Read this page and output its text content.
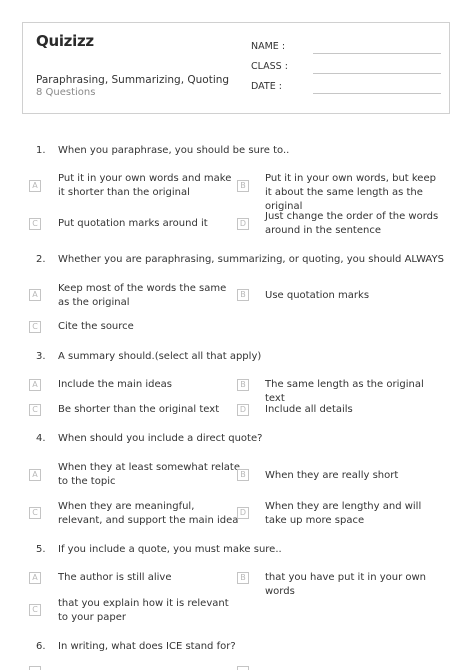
Quizizz
Paraphrasing, Summarizing, Quoting
8 Questions
NAME :
CLASS :
DATE :
1. When you paraphrase, you should be sure to..
A
Put it in your own words and make it shorter than the original
B
Put it in your own words, but keep it about the same length as the original
C	Put quotation marks around it	D
Just change the order of the words around in the sentence
2. Whether you are paraphrasing, summarizing, or quoting, you should ALWAYS
A
Keep most of the words the same as the original
B	Use quotation marks
C	Cite the source
3. A summary should.(select all that apply)
A	Include the main ideas	B	The same length as the original text
C	Be shorter than the original text	D Include all details
4. When should you include a direct quote?
A
When they at least somewhat relate to the topic
B	When they are really short
C
When they are meaningful, relevant, and support the main idea
D
When they are lengthy and will take up more space
5. If you include a quote, you must make sure..
A	The author is still alive	B	that you have put it in your own words
C
that you explain how it is relevant to your paper
6. In writing, what does ICE stand for?
